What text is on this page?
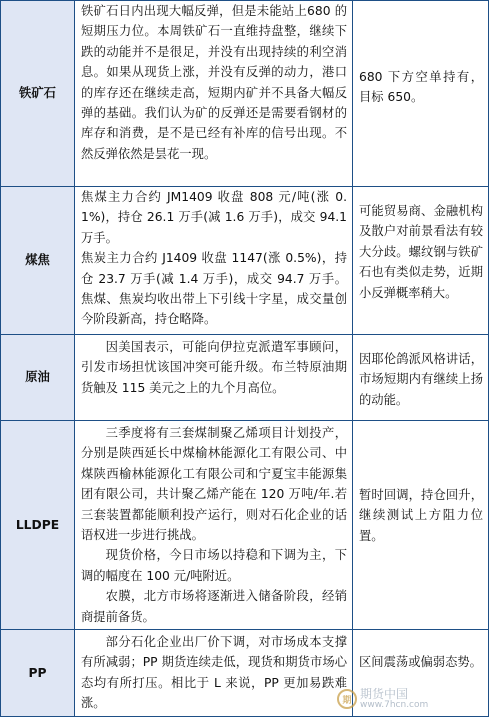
铁矿石	铁矿石日内出现大幅反弹，但是未能站上680 的短期压力位。本周铁矿石一直维持盘整，继续下跌的动能并不是很足，并没有出现持续的利空消息。如果从现货上涨，并没有反弹的动力，港口的库存还在继续走高，短期内矿并不具备大幅反弹的基础。我们认为矿的反弹还是需要看钢材的库存和消费，是不是已经有补库的信号出现。不然反弹依然是昙花一现。	680 下方空单持有，目标 650。

煤焦	焦煤主力合约 JM1409 收盘 808 元/吨(涨 0.1%)，持仓 26.1 万手(减 1.6 万手)，成交 94.1 万手。

焦炭主力合约 J1409 收盘 1147(涨 0.5%)，持仓 23.7 万手(减 1.4 万手)，成交 94.7 万手。焦煤、焦炭均收出带上下引线十字星，成交量创今阶段新高，持仓略降。	可能贸易商、金融机构及散户对前景看法有较大分歧。螺纹钢与铁矿石也有类似走势，近期小反弹概率稍大。

原油	因美国表示，可能向伊拉克派遣军事顾问，引发市场担忧该国冲突可能升级。布兰特原油期货触及 115 美元之上的九个月高位。	因耶伦鸽派风格讲话，市场短期内有继续上扬的动能。

LLDPE	三季度将有三套煤制聚乙烯项目计划投产，分别是陕西延长中煤榆林能源化工有限公司、中煤陕西榆林能源化工有限公司和宁夏宝丰能源集团有限公司，共计聚乙烯产能在 120 万吨/年.若三套装置都能顺利投产运行，则对石化企业的话语权进一步进行挑战。

现货价格，今日市场以持稳和下调为主，下调的幅度在 100 元/吨附近。

农膜，北方市场将逐渐进入储备阶段，经销商提前备货。	暂时回调，持仓回升，继续测试上方阻力位置。

PP	部分石化企业出厂价下调，对市场成本支撑有所减弱；PP 期货连续走低，现货和期货市场心态均有所打压。相比于 L 来说，PP 更加易跌难涨。	区间震荡或偏弱态势。

期 期货中国
www.7hcn.com
